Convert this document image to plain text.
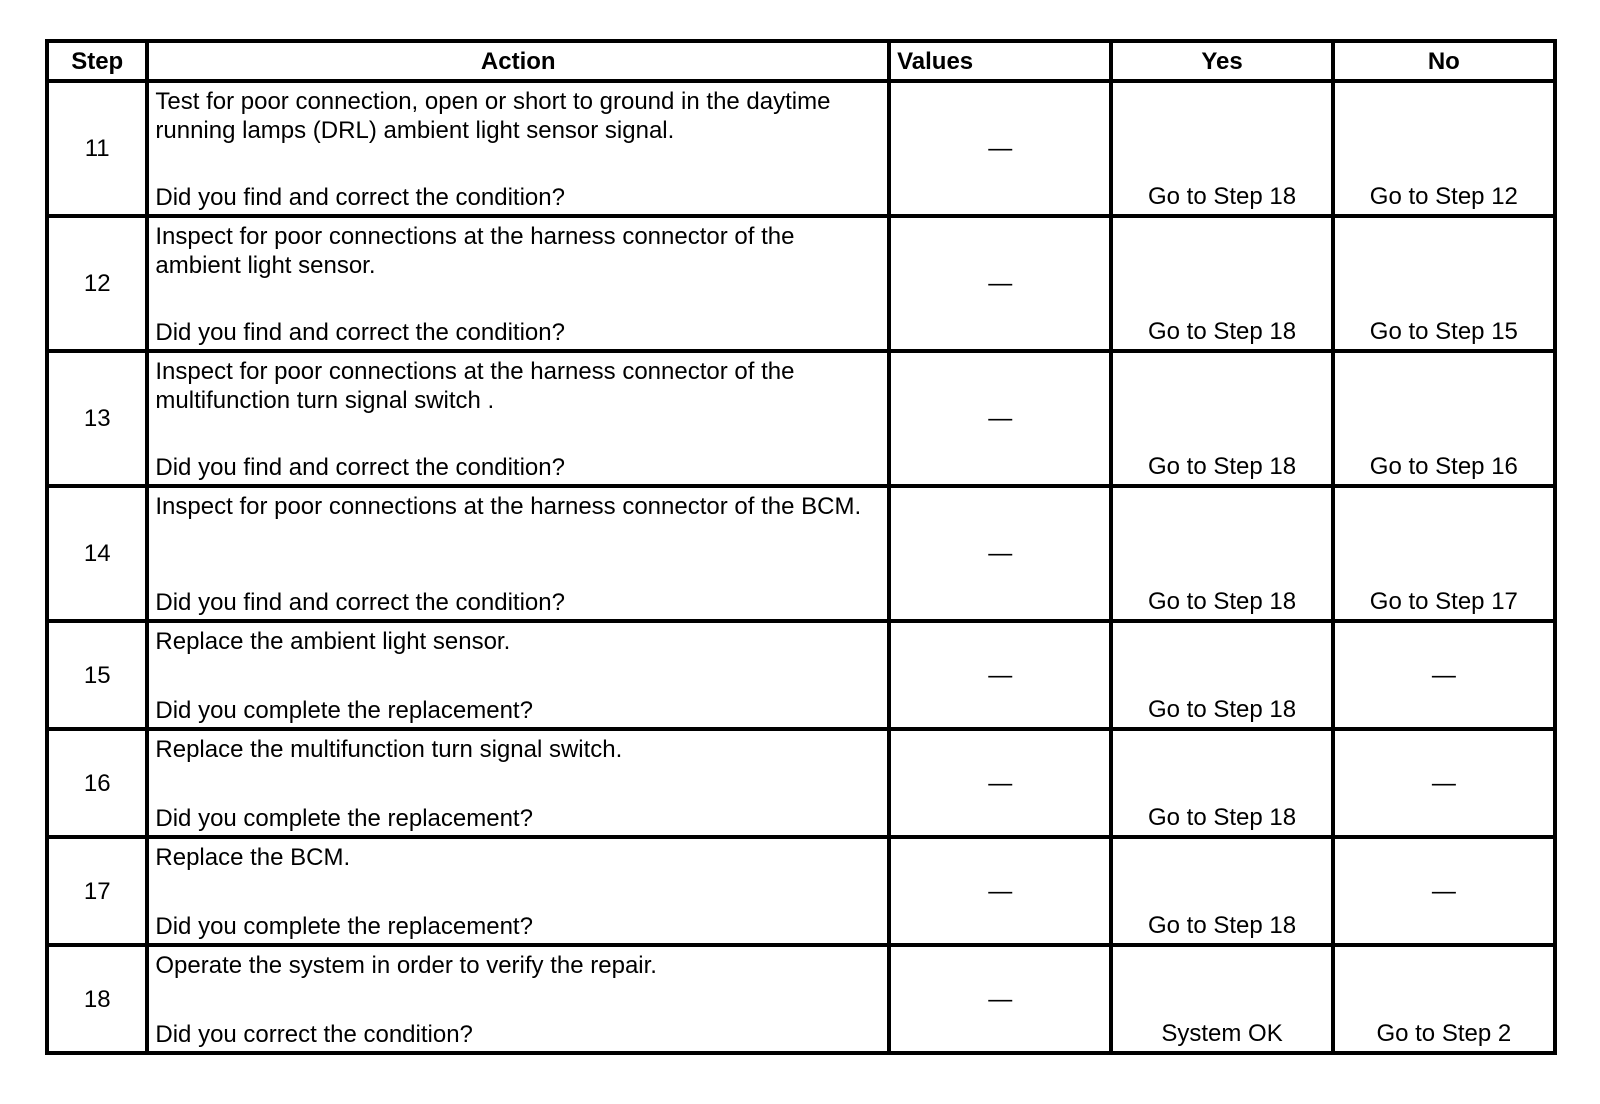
Step	Action	Values	Yes	No
11	Test for poor connection, open or short to ground in the daytime running lamps (DRL) ambient light sensor signal.
Did you find and correct the condition?	—	Go to Step 18	Go to Step 12
12	Inspect for poor connections at the harness connector of the ambient light sensor.
Did you find and correct the condition?	—	Go to Step 18	Go to Step 15
13	Inspect for poor connections at the harness connector of the multifunction turn signal switch .
Did you find and correct the condition?	—	Go to Step 18	Go to Step 16
14	Inspect for poor connections at the harness connector of the BCM.
Did you find and correct the condition?	—	Go to Step 18	Go to Step 17
15	Replace the ambient light sensor.
Did you complete the replacement?	—	Go to Step 18	—
16	Replace the multifunction turn signal switch.
Did you complete the replacement?	—	Go to Step 18	—
17	Replace the BCM.
Did you complete the replacement?	—	Go to Step 18	—
18	Operate the system in order to verify the repair.
Did you correct the condition?	—	System OK	Go to Step 2
